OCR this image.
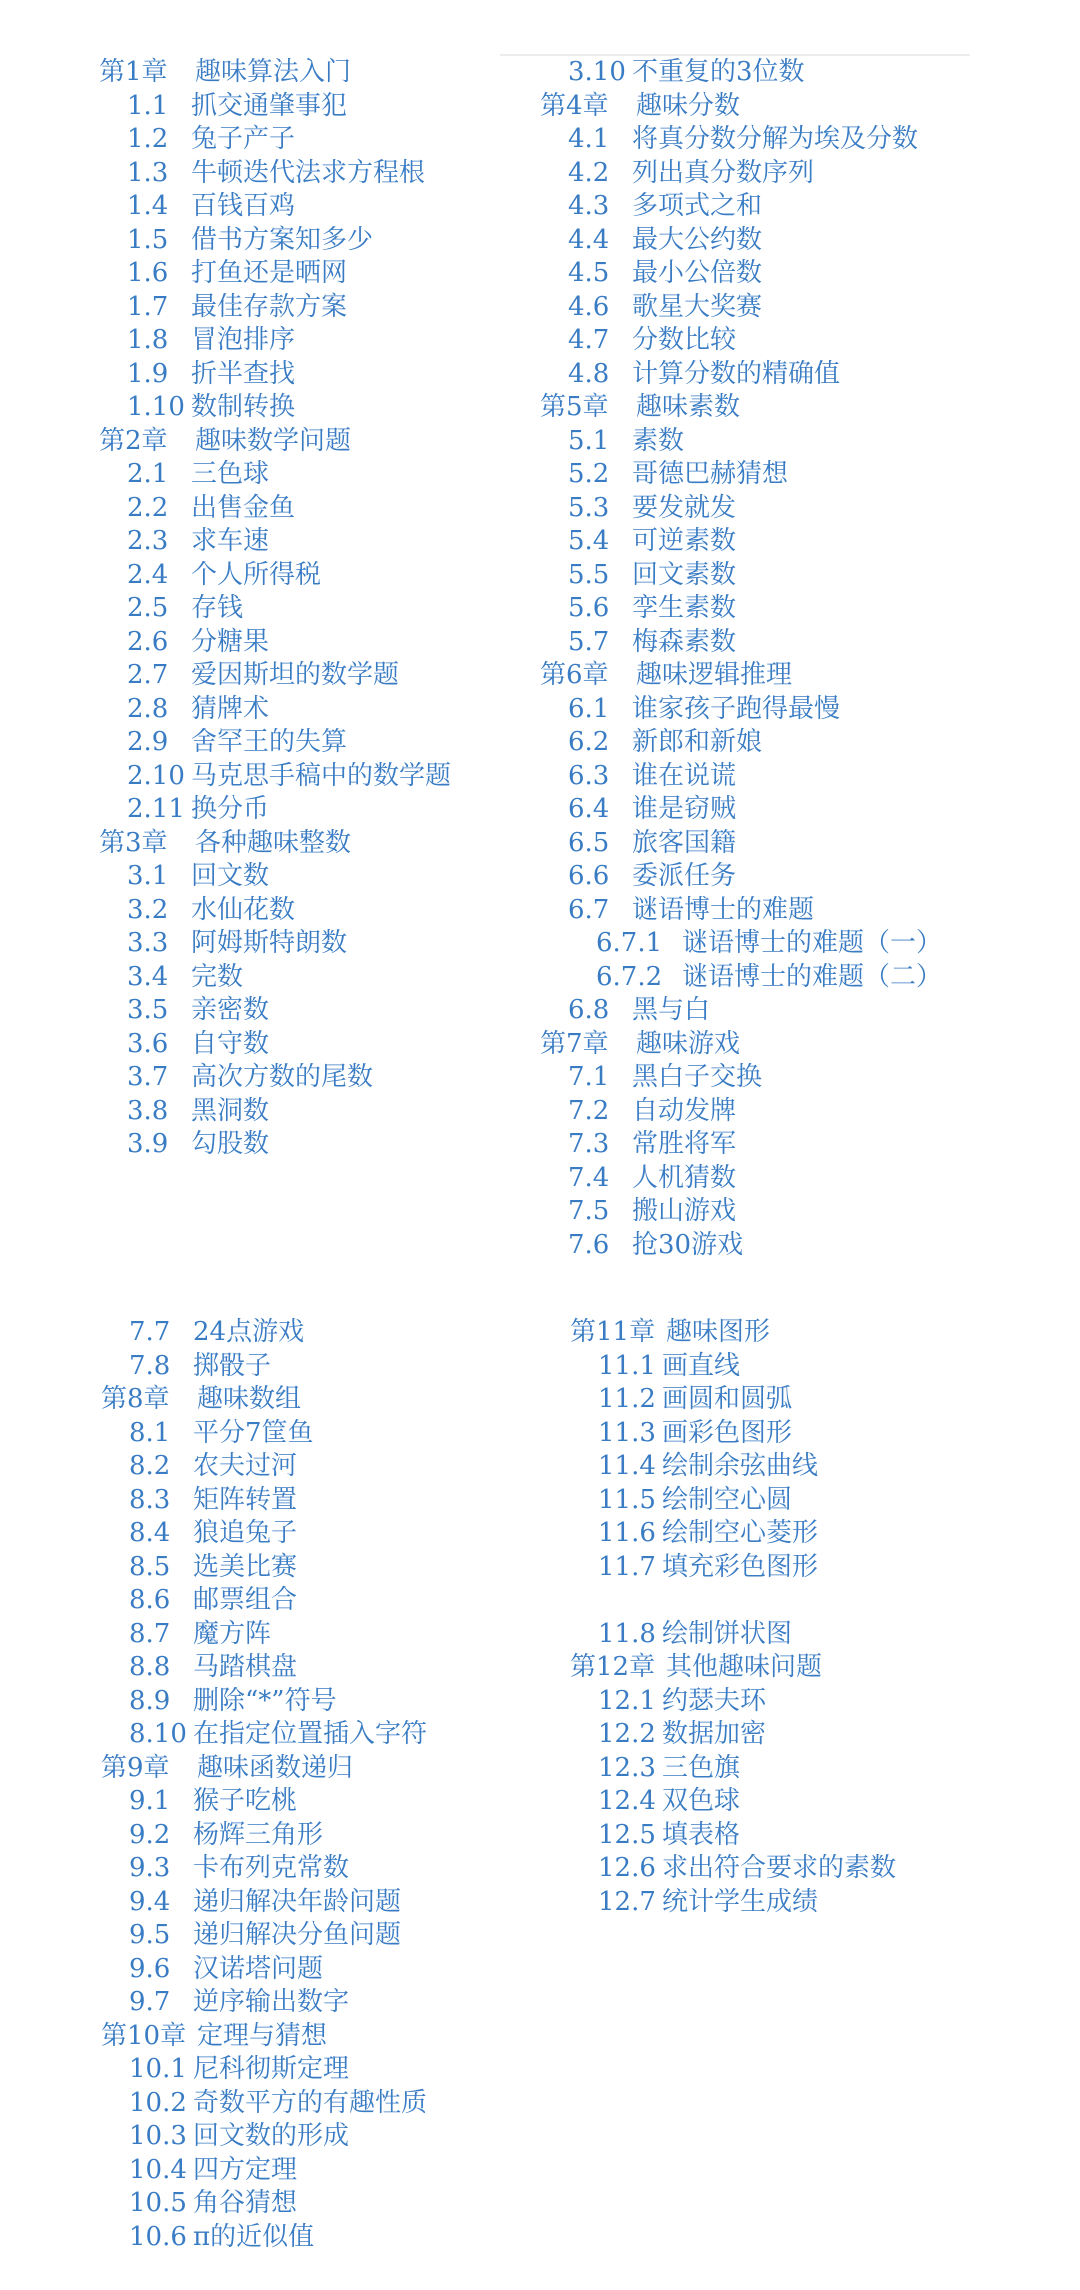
第1章	趣味算法入门
1.1 抓交通肇事犯
1.2 兔子产子
1.3 牛顿迭代法求方程根
1.4 百钱百鸡
1.5 借书方案知多少
1.6 打鱼还是晒网
1.7 最佳存款方案
1.8 冒泡排序
1.9 折半查找
1.10 数制转换
第2章	趣味数学问题
2.1 三色球
2.2 出售金鱼
2.3 求车速
2.4 个人所得税
2.5 存钱
2.6 分糖果
2.7 爱因斯坦的数学题
2.8 猜牌术
2.9 舍罕王的失算
2.10 马克思手稿中的数学题
2.11 换分币
第3章	各种趣味整数
3.1 回文数
3.2 水仙花数
3.3 阿姆斯特朗数
3.4 完数
3.5 亲密数
3.6 自守数
3.7 高次方数的尾数
3.8 黑洞数
3.9 勾股数
3.10 不重复的3位数
第4章	趣味分数
4.1 将真分数分解为埃及分数
4.2 列出真分数序列
4.3 多项式之和
4.4 最大公约数
4.5 最小公倍数
4.6 歌星大奖赛
4.7 分数比较
4.8 计算分数的精确值
第5章	趣味素数
5.1 素数
5.2 哥德巴赫猜想
5.3 要发就发
5.4 可逆素数
5.5 回文素数
5.6 孪生素数
5.7 梅森素数
第6章	趣味逻辑推理
6.1 谁家孩子跑得最慢
6.2 新郎和新娘
6.3 谁在说谎
6.4 谁是窃贼
6.5 旅客国籍
6.6 委派任务
6.7 谜语博士的难题
6.7.1 谜语博士的难题（一）
6.7.2 谜语博士的难题（二）
6.8 黑与白
第7章	趣味游戏
7.1 黑白子交换
7.2 自动发牌
7.3 常胜将军
7.4 人机猜数
7.5 搬山游戏
7.6 抢30游戏
7.7 24点游戏
7.8 掷骰子
第8章	趣味数组
8.1 平分7筐鱼
8.2 农夫过河
8.3 矩阵转置
8.4 狼追兔子
8.5 选美比赛
8.6 邮票组合
8.7 魔方阵
8.8 马踏棋盘
8.9 删除“*”符号
8.10 在指定位置插入字符
第9章	趣味函数递归
9.1 猴子吃桃
9.2 杨辉三角形
9.3 卡布列克常数
9.4 递归解决年龄问题
9.5 递归解决分鱼问题
9.6 汉诺塔问题
9.7 逆序输出数字
第10章 定理与猜想
10.1 尼科彻斯定理
10.2 奇数平方的有趣性质
10.3 回文数的形成
10.4 四方定理
10.5 角谷猜想
10.6 π的近似值
第11章 趣味图形
11.1 画直线
11.2 画圆和圆弧
11.3 画彩色图形
11.4 绘制余弦曲线
11.5 绘制空心圆
11.6 绘制空心菱形
11.7 填充彩色图形
11.8 绘制饼状图
第12章 其他趣味问题
12.1 约瑟夫环
12.2 数据加密
12.3 三色旗
12.4 双色球
12.5 填表格
12.6 求出符合要求的素数
12.7 统计学生成绩
